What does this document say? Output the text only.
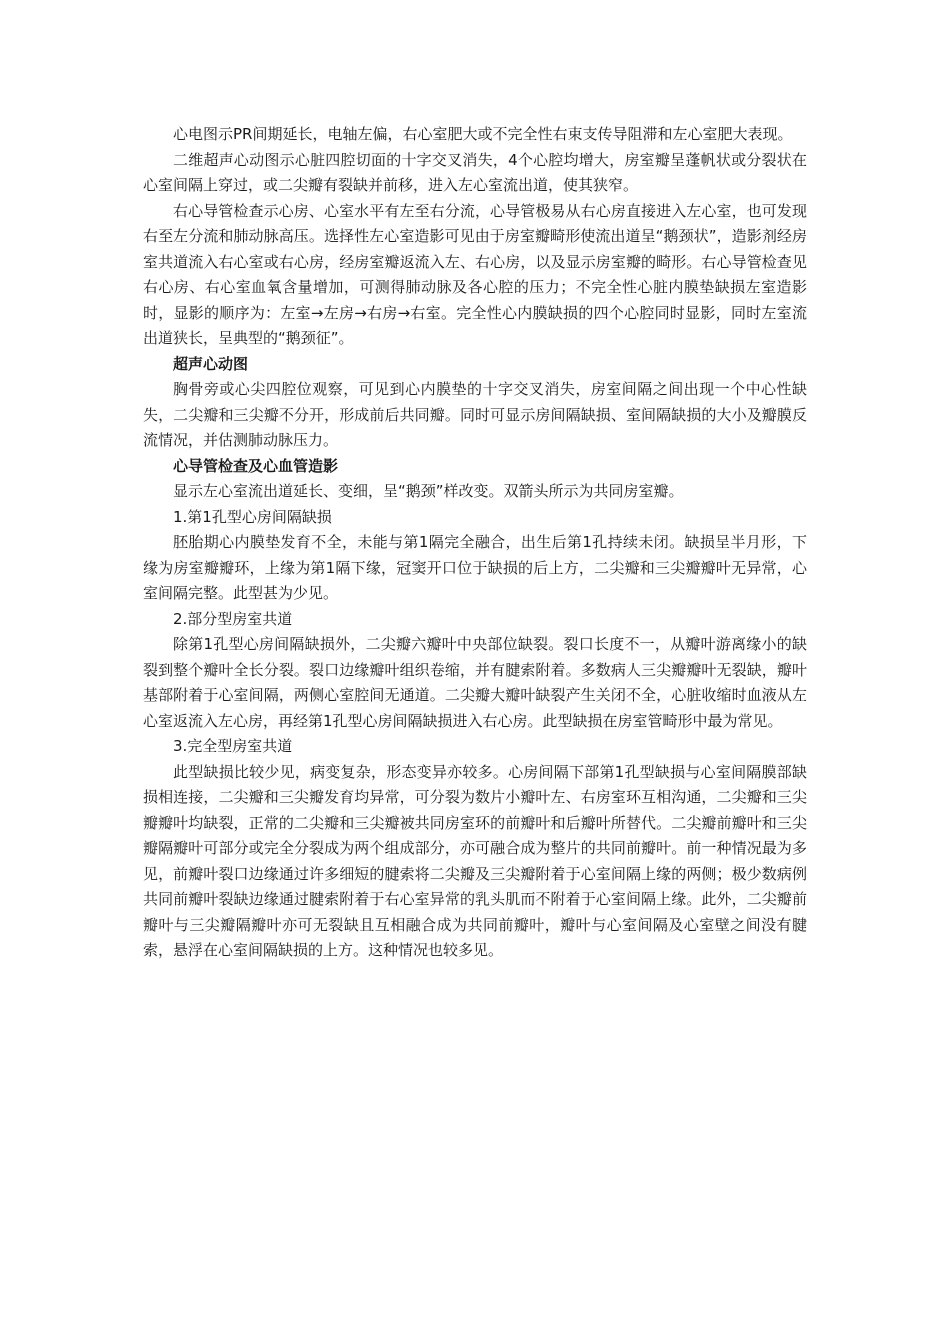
心电图示PR间期延长，电轴左偏，右心室肥大或不完全性右束支传导阻滞和左心室肥大表现。

二维超声心动图示心脏四腔切面的十字交叉消失，4个心腔均增大，房室瓣呈蓬帆状或分裂状在心室间隔上穿过，或二尖瓣有裂缺并前移，进入左心室流出道，使其狭窄。

右心导管检查示心房、心室水平有左至右分流，心导管极易从右心房直接进入左心室，也可发现右至左分流和肺动脉高压。选择性左心室造影可见由于房室瓣畸形使流出道呈“鹅颈状”，造影剂经房室共道流入右心室或右心房，经房室瓣返流入左、右心房，以及显示房室瓣的畸形。右心导管检查见右心房、右心室血氧含量增加，可测得肺动脉及各心腔的压力；不完全性心脏内膜垫缺损左室造影时，显影的顺序为：左室→左房→右房→右室。完全性心内膜缺损的四个心腔同时显影，同时左室流出道狭长，呈典型的“鹅颈征”。

超声心动图

胸骨旁或心尖四腔位观察，可见到心内膜垫的十字交叉消失，房室间隔之间出现一个中心性缺失，二尖瓣和三尖瓣不分开，形成前后共同瓣。同时可显示房间隔缺损、室间隔缺损的大小及瓣膜反流情况，并估测肺动脉压力。

心导管检查及心血管造影

显示左心室流出道延长、变细，呈“鹅颈”样改变。双箭头所示为共同房室瓣。

1.第1孔型心房间隔缺损

胚胎期心内膜垫发育不全，未能与第1隔完全融合，出生后第1孔持续未闭。缺损呈半月形，下缘为房室瓣瓣环，上缘为第1隔下缘，冠窦开口位于缺损的后上方，二尖瓣和三尖瓣瓣叶无异常，心室间隔完整。此型甚为少见。

2.部分型房室共道

除第1孔型心房间隔缺损外，二尖瓣六瓣叶中央部位缺裂。裂口长度不一，从瓣叶游离缘小的缺裂到整个瓣叶全长分裂。裂口边缘瓣叶组织卷缩，并有腱索附着。多数病人三尖瓣瓣叶无裂缺，瓣叶基部附着于心室间隔，两侧心室腔间无通道。二尖瓣大瓣叶缺裂产生关闭不全，心脏收缩时血液从左心室返流入左心房，再经第1孔型心房间隔缺损进入右心房。此型缺损在房室管畸形中最为常见。

3.完全型房室共道

此型缺损比较少见，病变复杂，形态变异亦较多。心房间隔下部第1孔型缺损与心室间隔膜部缺损相连接，二尖瓣和三尖瓣发育均异常，可分裂为数片小瓣叶左、右房室环互相沟通，二尖瓣和三尖瓣瓣叶均缺裂，正常的二尖瓣和三尖瓣被共同房室环的前瓣叶和后瓣叶所替代。二尖瓣前瓣叶和三尖瓣隔瓣叶可部分或完全分裂成为两个组成部分，亦可融合成为整片的共同前瓣叶。前一种情况最为多见，前瓣叶裂口边缘通过许多细短的腱索将二尖瓣及三尖瓣附着于心室间隔上缘的两侧；极少数病例共同前瓣叶裂缺边缘通过腱索附着于右心室异常的乳头肌而不附着于心室间隔上缘。此外，二尖瓣前瓣叶与三尖瓣隔瓣叶亦可无裂缺且互相融合成为共同前瓣叶，瓣叶与心室间隔及心室壁之间没有腱索，悬浮在心室间隔缺损的上方。这种情况也较多见。
